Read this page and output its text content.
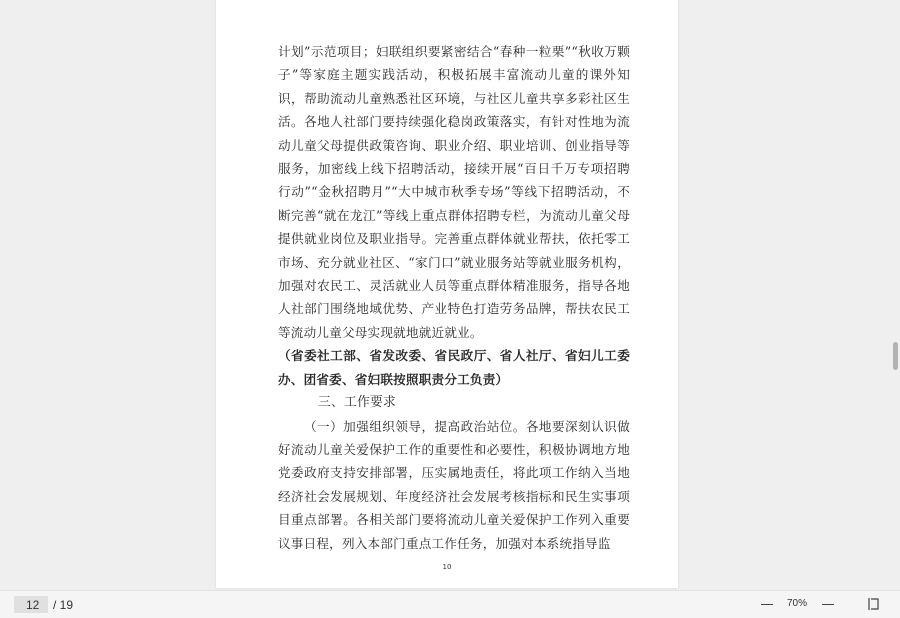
计划”示范项目；妇联组织要紧密结合“春种一粒栗”“秋收万颗子”等家庭主题实践活动，积极拓展丰富流动儿童的课外知识，帮助流动儿童熟悉社区环境，与社区儿童共享多彩社区生活。各地人社部门要持续强化稳岗政策落实，有针对性地为流动儿童父母提供政策咨询、职业介绍、职业培训、创业指导等服务，加密线上线下招聘活动，接续开展“百日千万专项招聘行动”“金秋招聘月”“大中城市秋季专场”等线下招聘活动，不断完善“就在龙江”等线上重点群体招聘专栏，为流动儿童父母提供就业岗位及职业指导。完善重点群体就业帮扶，依托零工市场、充分就业社区、“家门口”就业服务站等就业服务机构，加强对农民工、灵活就业人员等重点群体精准服务，指导各地人社部门围绕地域优势、产业特色打造劳务品牌，帮扶农民工等流动儿童父母实现就地就近就业。

（省委社工部、省发改委、省民政厅、省人社厅、省妇儿工委办、团省委、省妇联按照职责分工负责）

三、工作要求

（一）加强组织领导，提高政治站位。各地要深刻认识做好流动儿童关爱保护工作的重要性和必要性，积极协调地方地党委政府支持安排部署，压实属地责任，将此项工作纳入当地经济社会发展规划、年度经济社会发展考核指标和民生实事项目重点部署。各相关部门要将流动儿童关爱保护工作列入重要议事日程，列入本部门重点工作任务，加强对本系统指导监

10
12
/ 19	70%
